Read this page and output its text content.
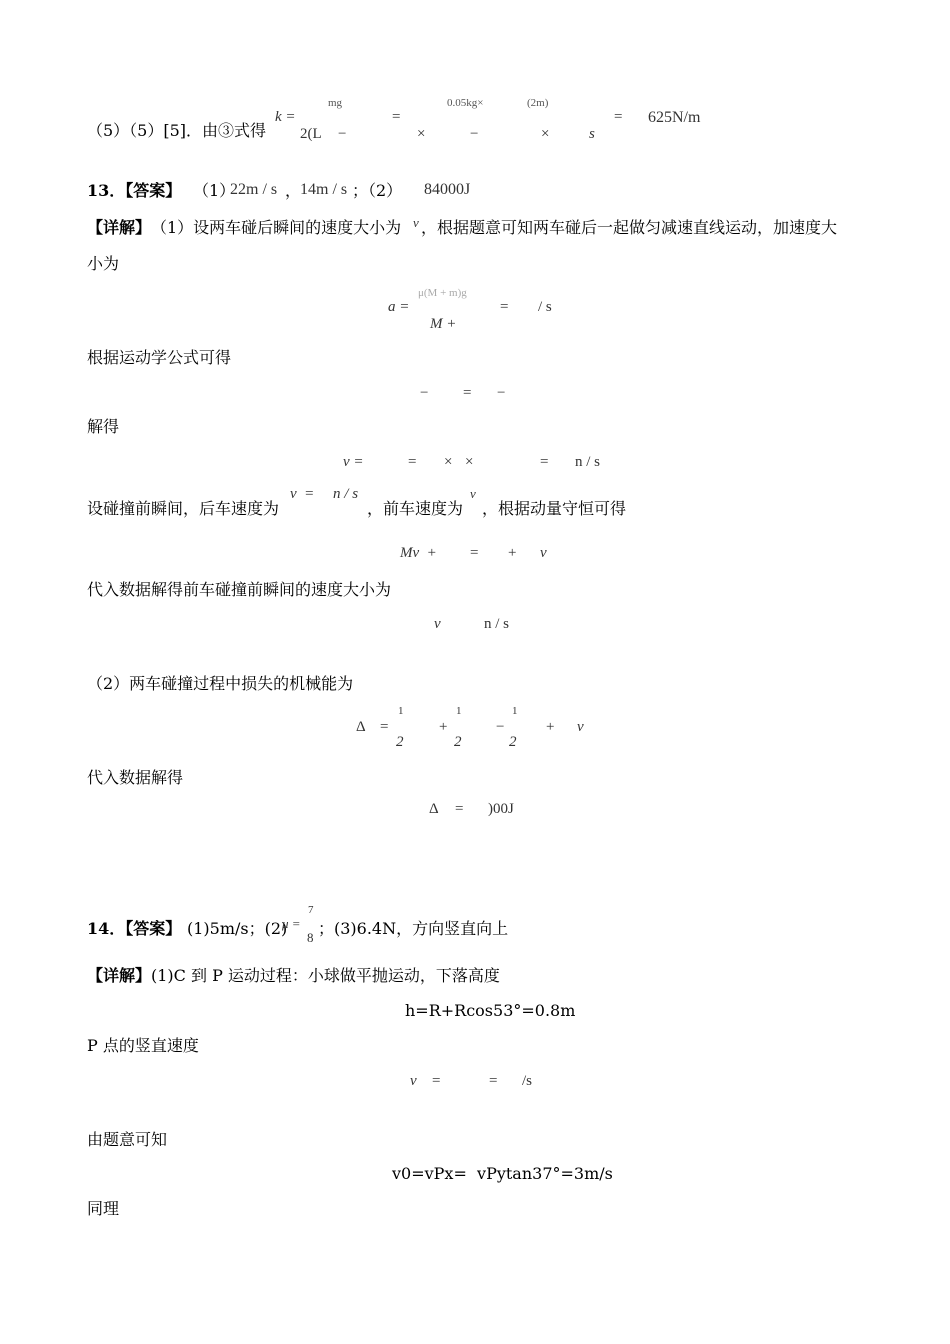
（5）（5）[5]．由③式得
k =
mg
2(L −
=
0.05kg×	(2m)
×	−	×	s
= 625N/m
13．【答案】 （1）
22m / s ，
14m / s ；（2） 84000J
【详解】 （1）设两车碰后瞬间的速度大小为 v ，根据题意可知两车碰后一起做匀减速直线运动，加速度大
小为
a =
μ(M + m)g
M +
= / s
根据运动学公式可得
− = −
解得
v =	= × ×	= n / s
设碰撞前瞬间，后车速度为
v  =     n / s
，前车速度为
v
，根据动量守恒可得
Mv  + = + v
代入数据解得前车碰撞前瞬间的速度大小为
v	n / s
（2）两车碰撞过程中损失的机械能为
Δ =
1
2
+
1
2
−
1
2
+ v
代入数据解得
Δ = )00J
14．【答案】 (1)5m/s；(2)
μ =
7
8 ；(3)6.4N，方向竖直向上
【详解】 (1)C 到 P 运动过程：小球做平抛运动，下落高度
h=R+Rcos53°=0.8m
P 点的竖直速度
v =	= /s
由题意可知
v0=vPx=  vPytan37°=3m/s
同理
